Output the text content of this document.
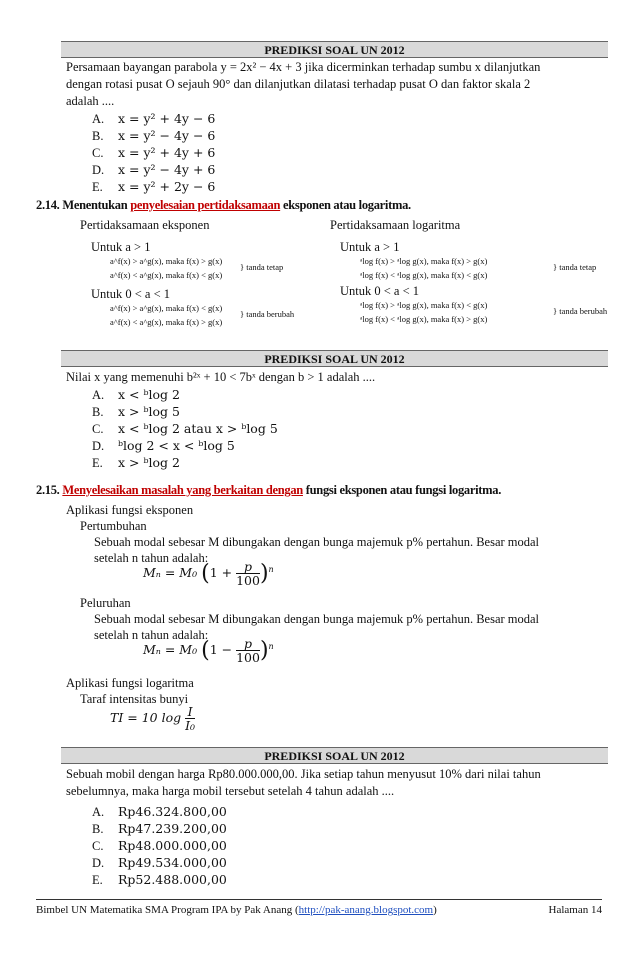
PREDIKSI SOAL UN 2012
Persamaan bayangan parabola y = 2x² − 4x + 3 jika dicerminkan terhadap sumbu x dilanjutkan
dengan rotasi pusat O sejauh 90° dan dilanjutkan dilatasi terhadap pusat O dan faktor skala 2
adalah ....
A. x = y² + 4y − 6
B. x = y² − 4y − 6
C. x = y² + 4y + 6
D. x = y² − 4y + 6
E. x = y² + 2y − 6
2.14. Menentukan penyelesaian pertidaksamaan eksponen atau logaritma.
Pertidaksamaan eksponen	Pertidaksamaan logaritma
Untuk a > 1
a^f(x) > a^g(x), maka f(x) > g(x)
a^f(x) < a^g(x), maka f(x) < g(x)
} tanda tetap
Untuk 0 < a < 1
a^f(x) > a^g(x), maka f(x) < g(x)
a^f(x) < a^g(x), maka f(x) > g(x)
} tanda berubah
Untuk a > 1
ᵃlog f(x) > ᵃlog g(x), maka f(x) > g(x)
ᵃlog f(x) < ᵃlog g(x), maka f(x) < g(x)
} tanda tetap
Untuk 0 < a < 1
ᵃlog f(x) > ᵃlog g(x), maka f(x) < g(x)
ᵃlog f(x) < ᵃlog g(x), maka f(x) > g(x)
} tanda berubah
PREDIKSI SOAL UN 2012
Nilai x yang memenuhi b²ˣ + 10 < 7bˣ dengan b > 1 adalah ....
A. x < ᵇlog 2
B. x > ᵇlog 5
C. x < ᵇlog 2 atau x > ᵇlog 5
D. ᵇlog 2 < x < ᵇlog 5
E. x > ᵇlog 2
2.15. Menyelesaikan masalah yang berkaitan dengan fungsi eksponen atau fungsi logaritma.
Aplikasi fungsi eksponen
Pertumbuhan
Sebuah modal sebesar M dibungakan dengan bunga majemuk p% pertahun. Besar modal
setelah n tahun adalah:
Mₙ = M₀ $(1 + \frac{p}{100} )^n$
Peluruhan
Sebuah modal sebesar M dibungakan dengan bunga majemuk p% pertahun. Besar modal
setelah n tahun adalah:
Mₙ = M₀ $(1 - \frac{p}{100} )^n$
Aplikasi fungsi logaritma
Taraf intensitas bunyi
TI = 10 $\log \frac{I}{\text{I₀}}$
PREDIKSI SOAL UN 2012
Sebuah mobil dengan harga Rp80.000.000,00. Jika setiap tahun menyusut 10% dari nilai tahun
sebelumnya, maka harga mobil tersebut setelah 4 tahun adalah ....
A. Rp46.324.800,00
B. Rp47.239.200,00
C. Rp48.000.000,00
D. Rp49.534.000,00
E. Rp52.488.000,00
Bimbel UN Matematika SMA Program IPA by Pak Anang (http://pak-anang.blogspot.com)	Halaman 14
